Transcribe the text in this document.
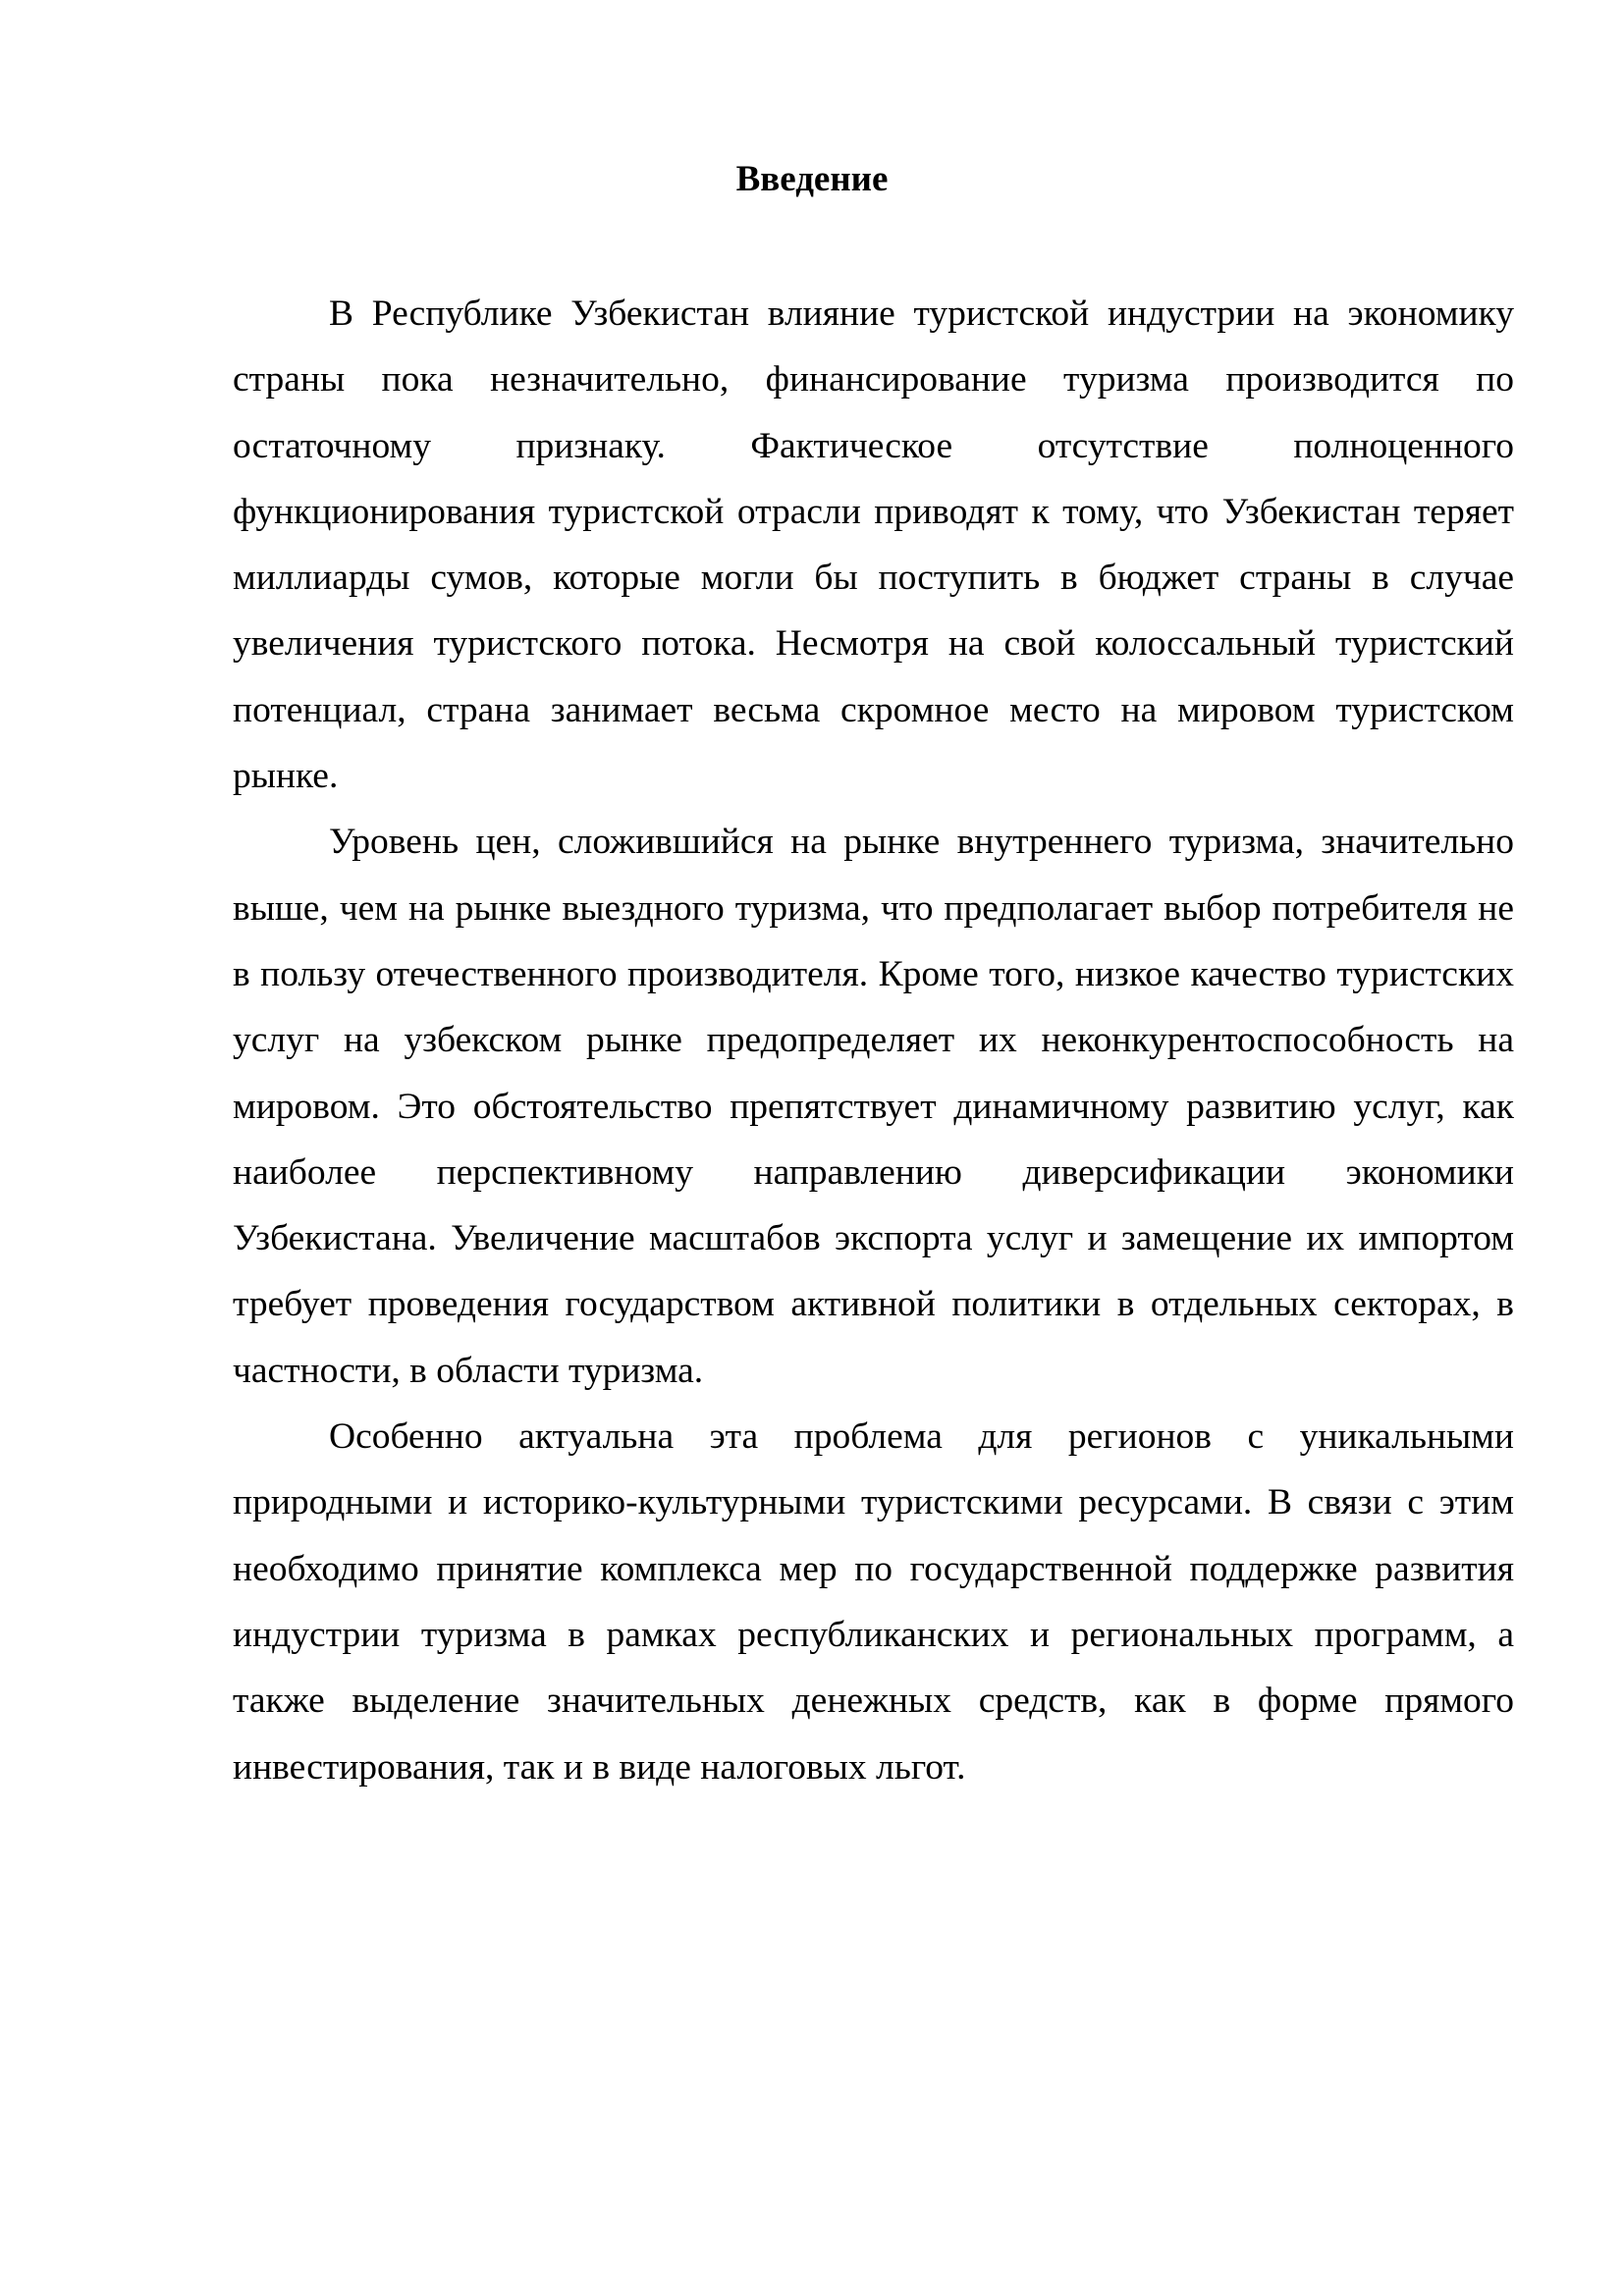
Введение

В Республике Узбекистан влияние туристской индустрии на экономику страны пока незначительно, финансирование туризма производится по остаточному признаку. Фактическое отсутствие полноценного функционирования туристской отрасли приводят к тому, что Узбекистан теряет миллиарды сумов, которые могли бы поступить в бюджет страны в случае увеличения туристского потока. Несмотря на свой колоссальный туристский потенциал, страна занимает весьма скромное место на мировом туристском рынке.

Уровень цен, сложившийся на рынке внутреннего туризма, значительно выше, чем на рынке выездного туризма, что предполагает выбор потребителя не в пользу отечественного производителя. Кроме того, низкое качество туристских услуг на узбекском рынке предопределяет их неконкурентоспособность на мировом. Это обстоятельство препятствует динамичному развитию услуг, как наиболее перспективному направлению диверсификации экономики Узбекистана. Увеличение масштабов экспорта услуг и замещение их импортом требует проведения государством активной политики в отдельных секторах, в частности, в области туризма.

Особенно актуальна эта проблема для регионов с уникальными природными и историко-культурными туристскими ресурсами. В связи с этим необходимо принятие комплекса мер по государственной поддержке развития индустрии туризма в рамках республиканских и региональных программ, а также выделение значительных денежных средств, как в форме прямого инвестирования, так и в виде налоговых льгот.
